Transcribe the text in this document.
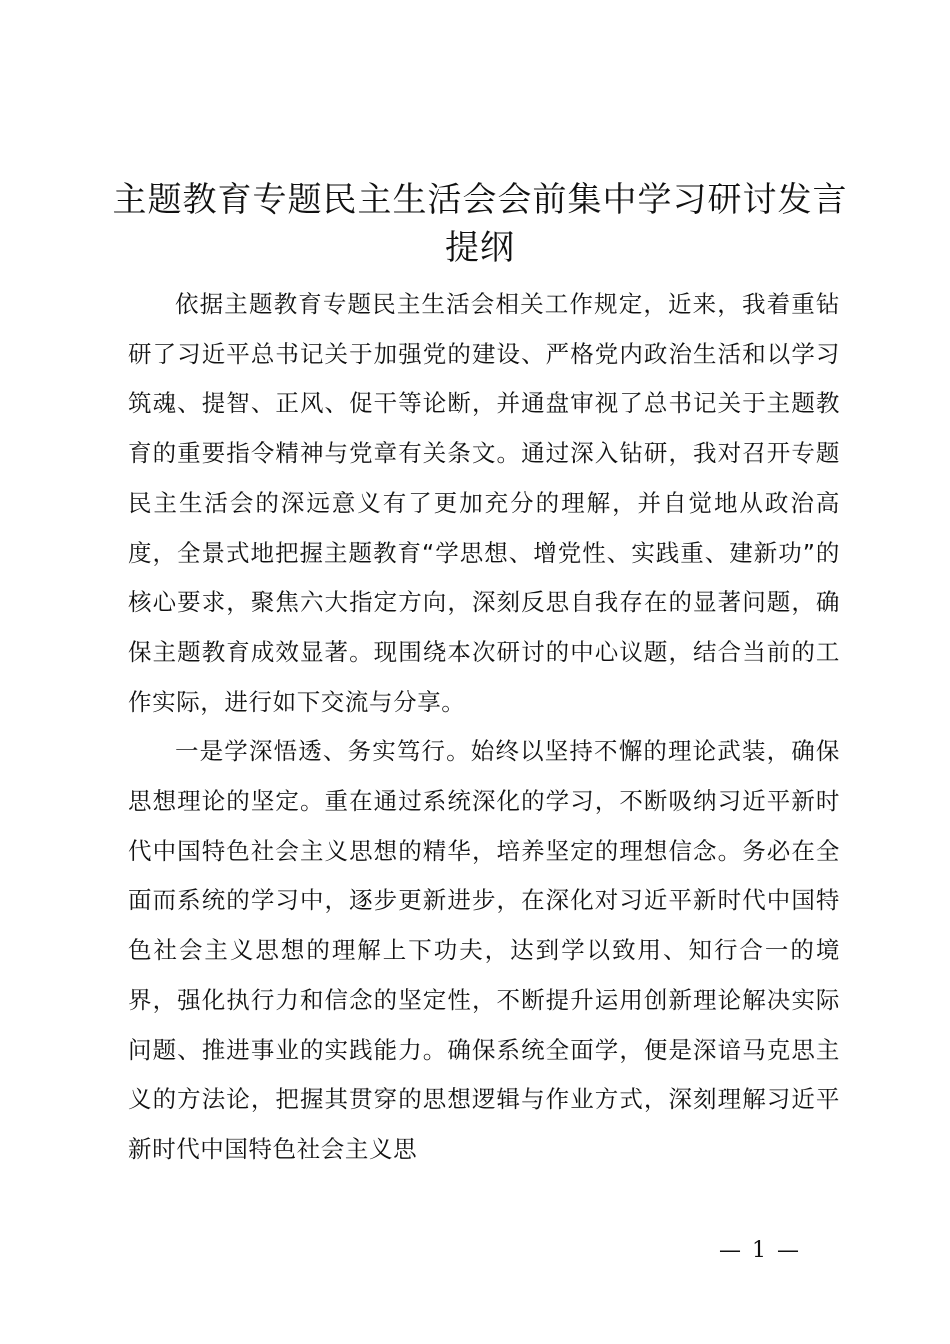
主题教育专题民主生活会会前集中学习研讨发言提纲

依据主题教育专题民主生活会相关工作规定，近来，我着重钻研了习近平总书记关于加强党的建设、严格党内政治生活和以学习筑魂、提智、正风、促干等论断，并通盘审视了总书记关于主题教育的重要指令精神与党章有关条文。通过深入钻研，我对召开专题民主生活会的深远意义有了更加充分的理解，并自觉地从政治高度，全景式地把握主题教育“学思想、增党性、实践重、建新功”的核心要求，聚焦六大指定方向，深刻反思自我存在的显著问题，确保主题教育成效显著。现围绕本次研讨的中心议题，结合当前的工作实际，进行如下交流与分享。

一是学深悟透、务实笃行。始终以坚持不懈的理论武装，确保思想理论的坚定。重在通过系统深化的学习，不断吸纳习近平新时代中国特色社会主义思想的精华，培养坚定的理想信念。务必在全面而系统的学习中，逐步更新进步，在深化对习近平新时代中国特色社会主义思想的理解上下功夫，达到学以致用、知行合一的境界，强化执行力和信念的坚定性，不断提升运用创新理论解决实际问题、推进事业的实践能力。确保系统全面学，便是深谙马克思主义的方法论，把握其贯穿的思想逻辑与作业方式，深刻理解习近平新时代中国特色社会主义思

— 1 —
